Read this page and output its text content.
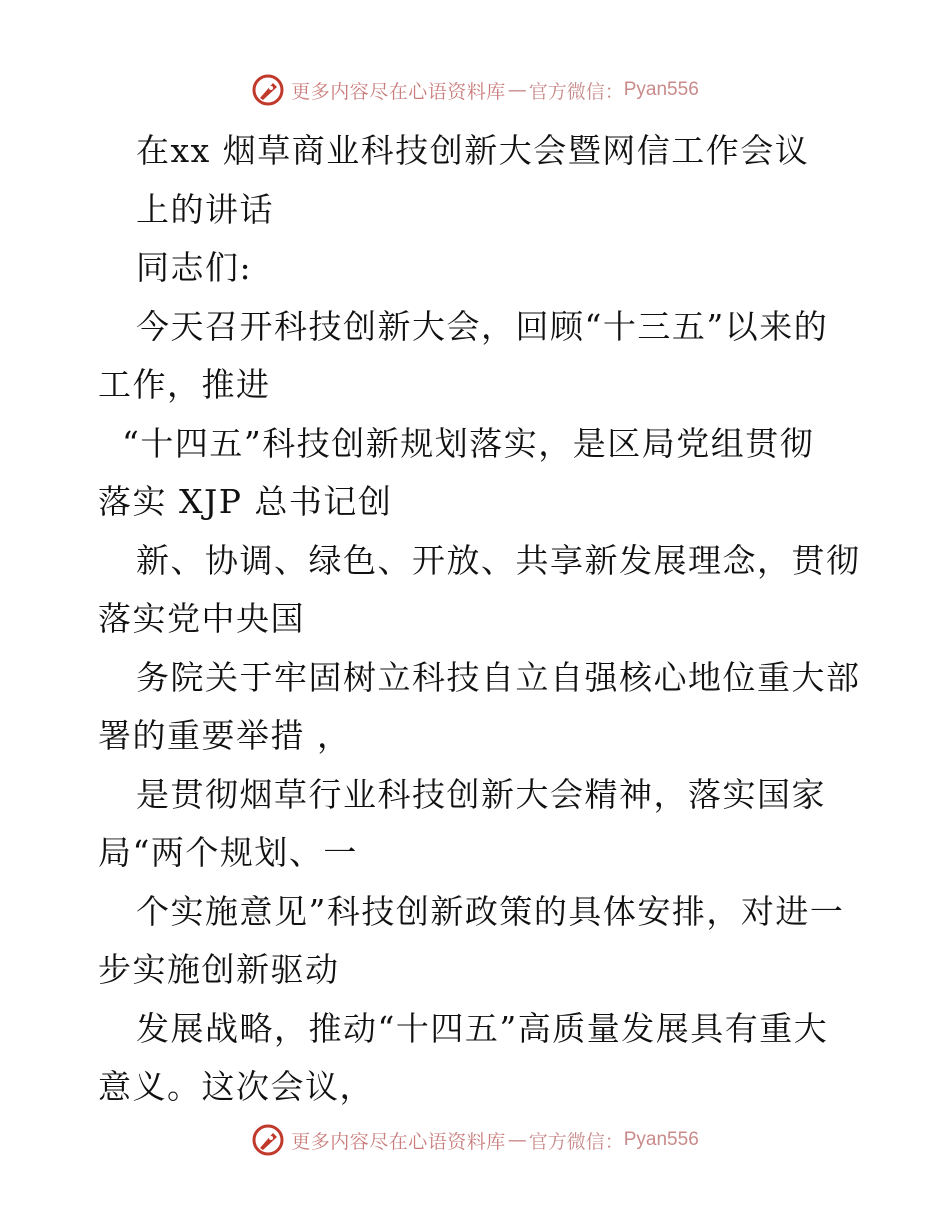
更多内容尽在心语资料库 — 官方微信： Pyan556
在xx 烟草商业科技创新大会暨网信工作会议
上的讲话
同志们:
今天召开科技创新大会，回顾“十三五”以来的
工作，推进
“十四五”科技创新规划落实，是区局党组贯彻
落实 XJP 总书记创
新、协调、绿色、开放、共享新发展理念，贯彻
落实党中央国
务院关于牢固树立科技自立自强核心地位重大部
署的重要举措 ，
是贯彻烟草行业科技创新大会精神，落实国家
局“两个规划、一
个实施意见”科技创新政策的具体安排，对进一
步实施创新驱动
发展战略，推动“十四五”高质量发展具有重大
意义。这次会议，
更多内容尽在心语资料库 — 官方微信： Pyan556
